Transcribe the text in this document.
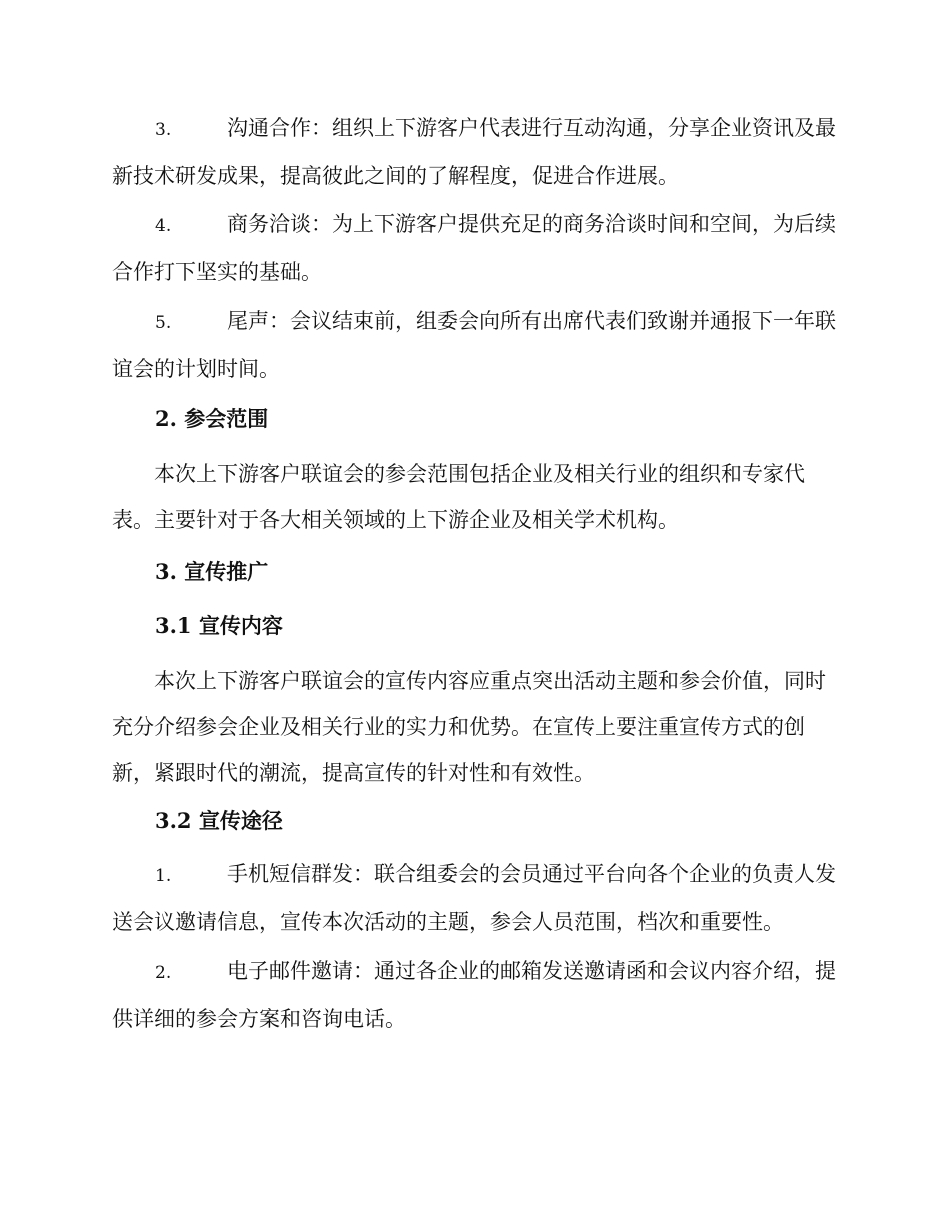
3.	沟通合作：组织上下游客户代表进行互动沟通，分享企业资讯及最新技术研发成果，提高彼此之间的了解程度，促进合作进展。
4.	商务洽谈：为上下游客户提供充足的商务洽谈时间和空间，为后续合作打下坚实的基础。
5.	尾声：会议结束前，组委会向所有出席代表们致谢并通报下一年联谊会的计划时间。
2. 参会范围
本次上下游客户联谊会的参会范围包括企业及相关行业的组织和专家代表。主要针对于各大相关领域的上下游企业及相关学术机构。
3. 宣传推广
3.1 宣传内容
本次上下游客户联谊会的宣传内容应重点突出活动主题和参会价值，同时充分介绍参会企业及相关行业的实力和优势。在宣传上要注重宣传方式的创新，紧跟时代的潮流，提高宣传的针对性和有效性。
3.2 宣传途径
1.	手机短信群发：联合组委会的会员通过平台向各个企业的负责人发送会议邀请信息，宣传本次活动的主题，参会人员范围，档次和重要性。
2.	电子邮件邀请：通过各企业的邮箱发送邀请函和会议内容介绍，提供详细的参会方案和咨询电话。
